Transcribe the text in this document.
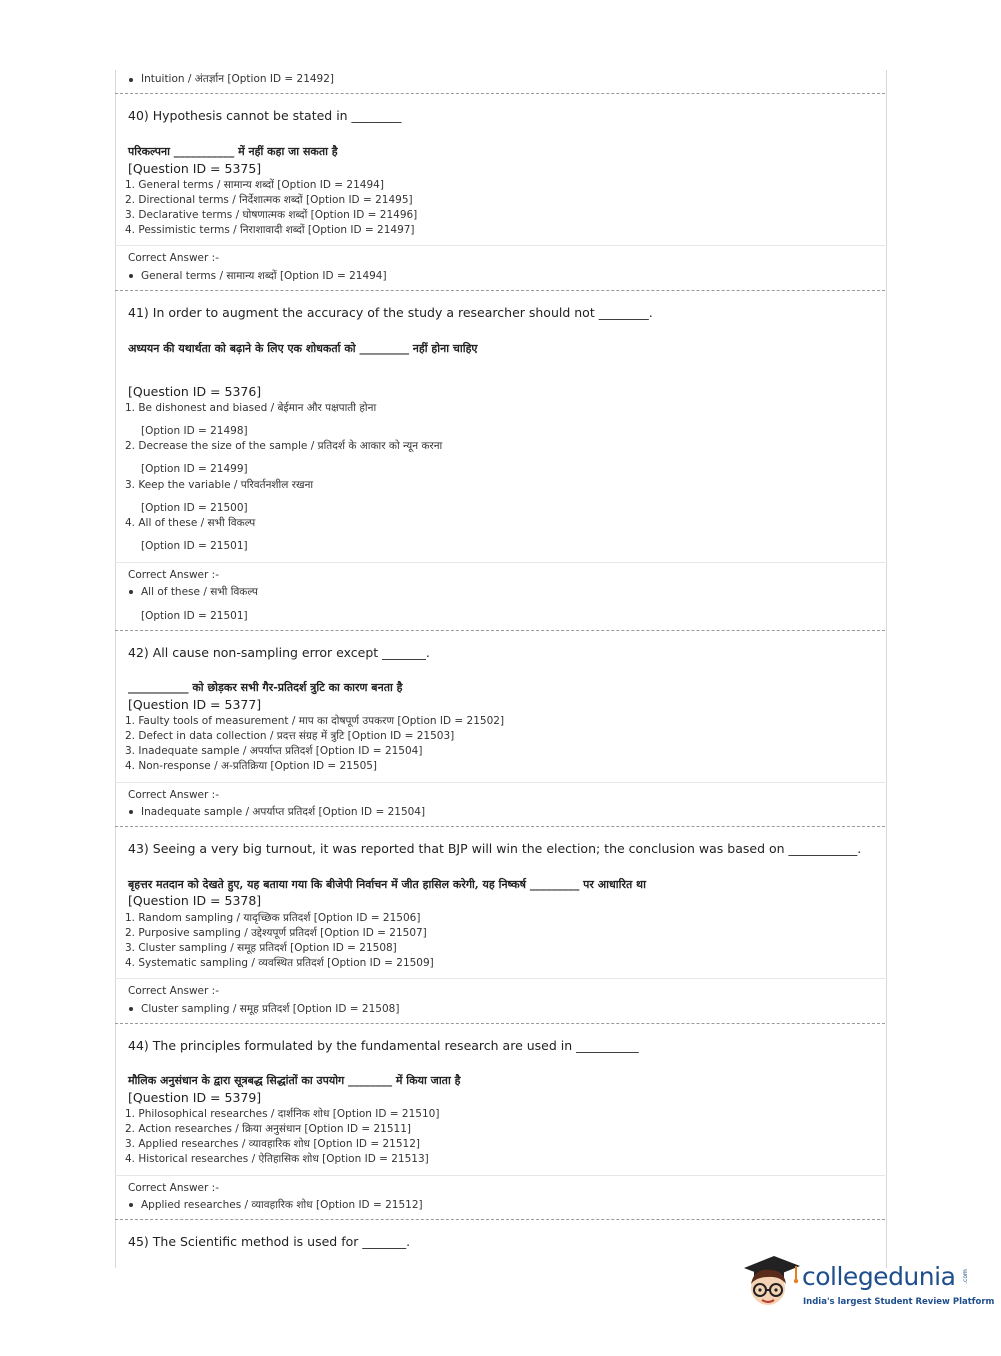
Intuition / अंतर्ज्ञान [Option ID = 21492]
40) Hypothesis cannot be stated in ________
परिकल्पना ___________ में नहीं कहा जा सकता है
[Question ID = 5375]
1. General terms / सामान्य शब्दों [Option ID = 21494]
2. Directional terms / निर्देशात्मक शब्दों [Option ID = 21495]
3. Declarative terms / घोषणात्मक शब्दों [Option ID = 21496]
4. Pessimistic terms / निराशावादी शब्दों [Option ID = 21497]
Correct Answer :-
General terms / सामान्य शब्दों [Option ID = 21494]
41) In order to augment the accuracy of the study a researcher should not ________.
अध्ययन की यथार्थता को बढ़ाने के लिए एक शोधकर्ता को _________ नहीं होना चाहिए
[Question ID = 5376]
1. Be dishonest and biased / बेईमान और पक्षपाती होना
[Option ID = 21498]
2. Decrease the size of the sample / प्रतिदर्श के आकार को न्यून करना
[Option ID = 21499]
3. Keep the variable / परिवर्तनशील रखना
[Option ID = 21500]
4. All of these / सभी विकल्प
[Option ID = 21501]
Correct Answer :-
All of these / सभी विकल्प
[Option ID = 21501]
42) All cause non-sampling error except _______.
___________ को छोड़कर सभी गैर-प्रतिदर्श त्रुटि का कारण बनता है
[Question ID = 5377]
1. Faulty tools of measurement / माप का दोषपूर्ण उपकरण [Option ID = 21502]
2. Defect in data collection / प्रदत्त संग्रह में त्रुटि [Option ID = 21503]
3. Inadequate sample / अपर्याप्त प्रतिदर्श [Option ID = 21504]
4. Non-response / अ-प्रतिक्रिया [Option ID = 21505]
Correct Answer :-
Inadequate sample / अपर्याप्त प्रतिदर्श [Option ID = 21504]
43) Seeing a very big turnout, it was reported that BJP will win the election; the conclusion was based on ___________.
बृहत्तर मतदान को देखते हुए, यह बताया गया कि बीजेपी निर्वाचन में जीत हासिल करेगी, यह निष्कर्ष _________ पर आधारित था
[Question ID = 5378]
1. Random sampling / यादृच्छिक प्रतिदर्श [Option ID = 21506]
2. Purposive sampling / उद्देश्यपूर्ण प्रतिदर्श [Option ID = 21507]
3. Cluster sampling / समूह प्रतिदर्श [Option ID = 21508]
4. Systematic sampling / व्यवस्थित प्रतिदर्श [Option ID = 21509]
Correct Answer :-
Cluster sampling / समूह प्रतिदर्श [Option ID = 21508]
44) The principles formulated by the fundamental research are used in __________
मौलिक अनुसंधान के द्वारा सूत्रबद्ध सिद्धांतों का उपयोग ________ में किया जाता है
[Question ID = 5379]
1. Philosophical researches / दार्शनिक शोध [Option ID = 21510]
2. Action researches / क्रिया अनुसंधान [Option ID = 21511]
3. Applied researches / व्यावहारिक शोध [Option ID = 21512]
4. Historical researches / ऐतिहासिक शोध [Option ID = 21513]
Correct Answer :-
Applied researches / व्यावहारिक शोध [Option ID = 21512]
45) The Scientific method is used for _______.
collegedunia .com
India's largest Student Review Platform
